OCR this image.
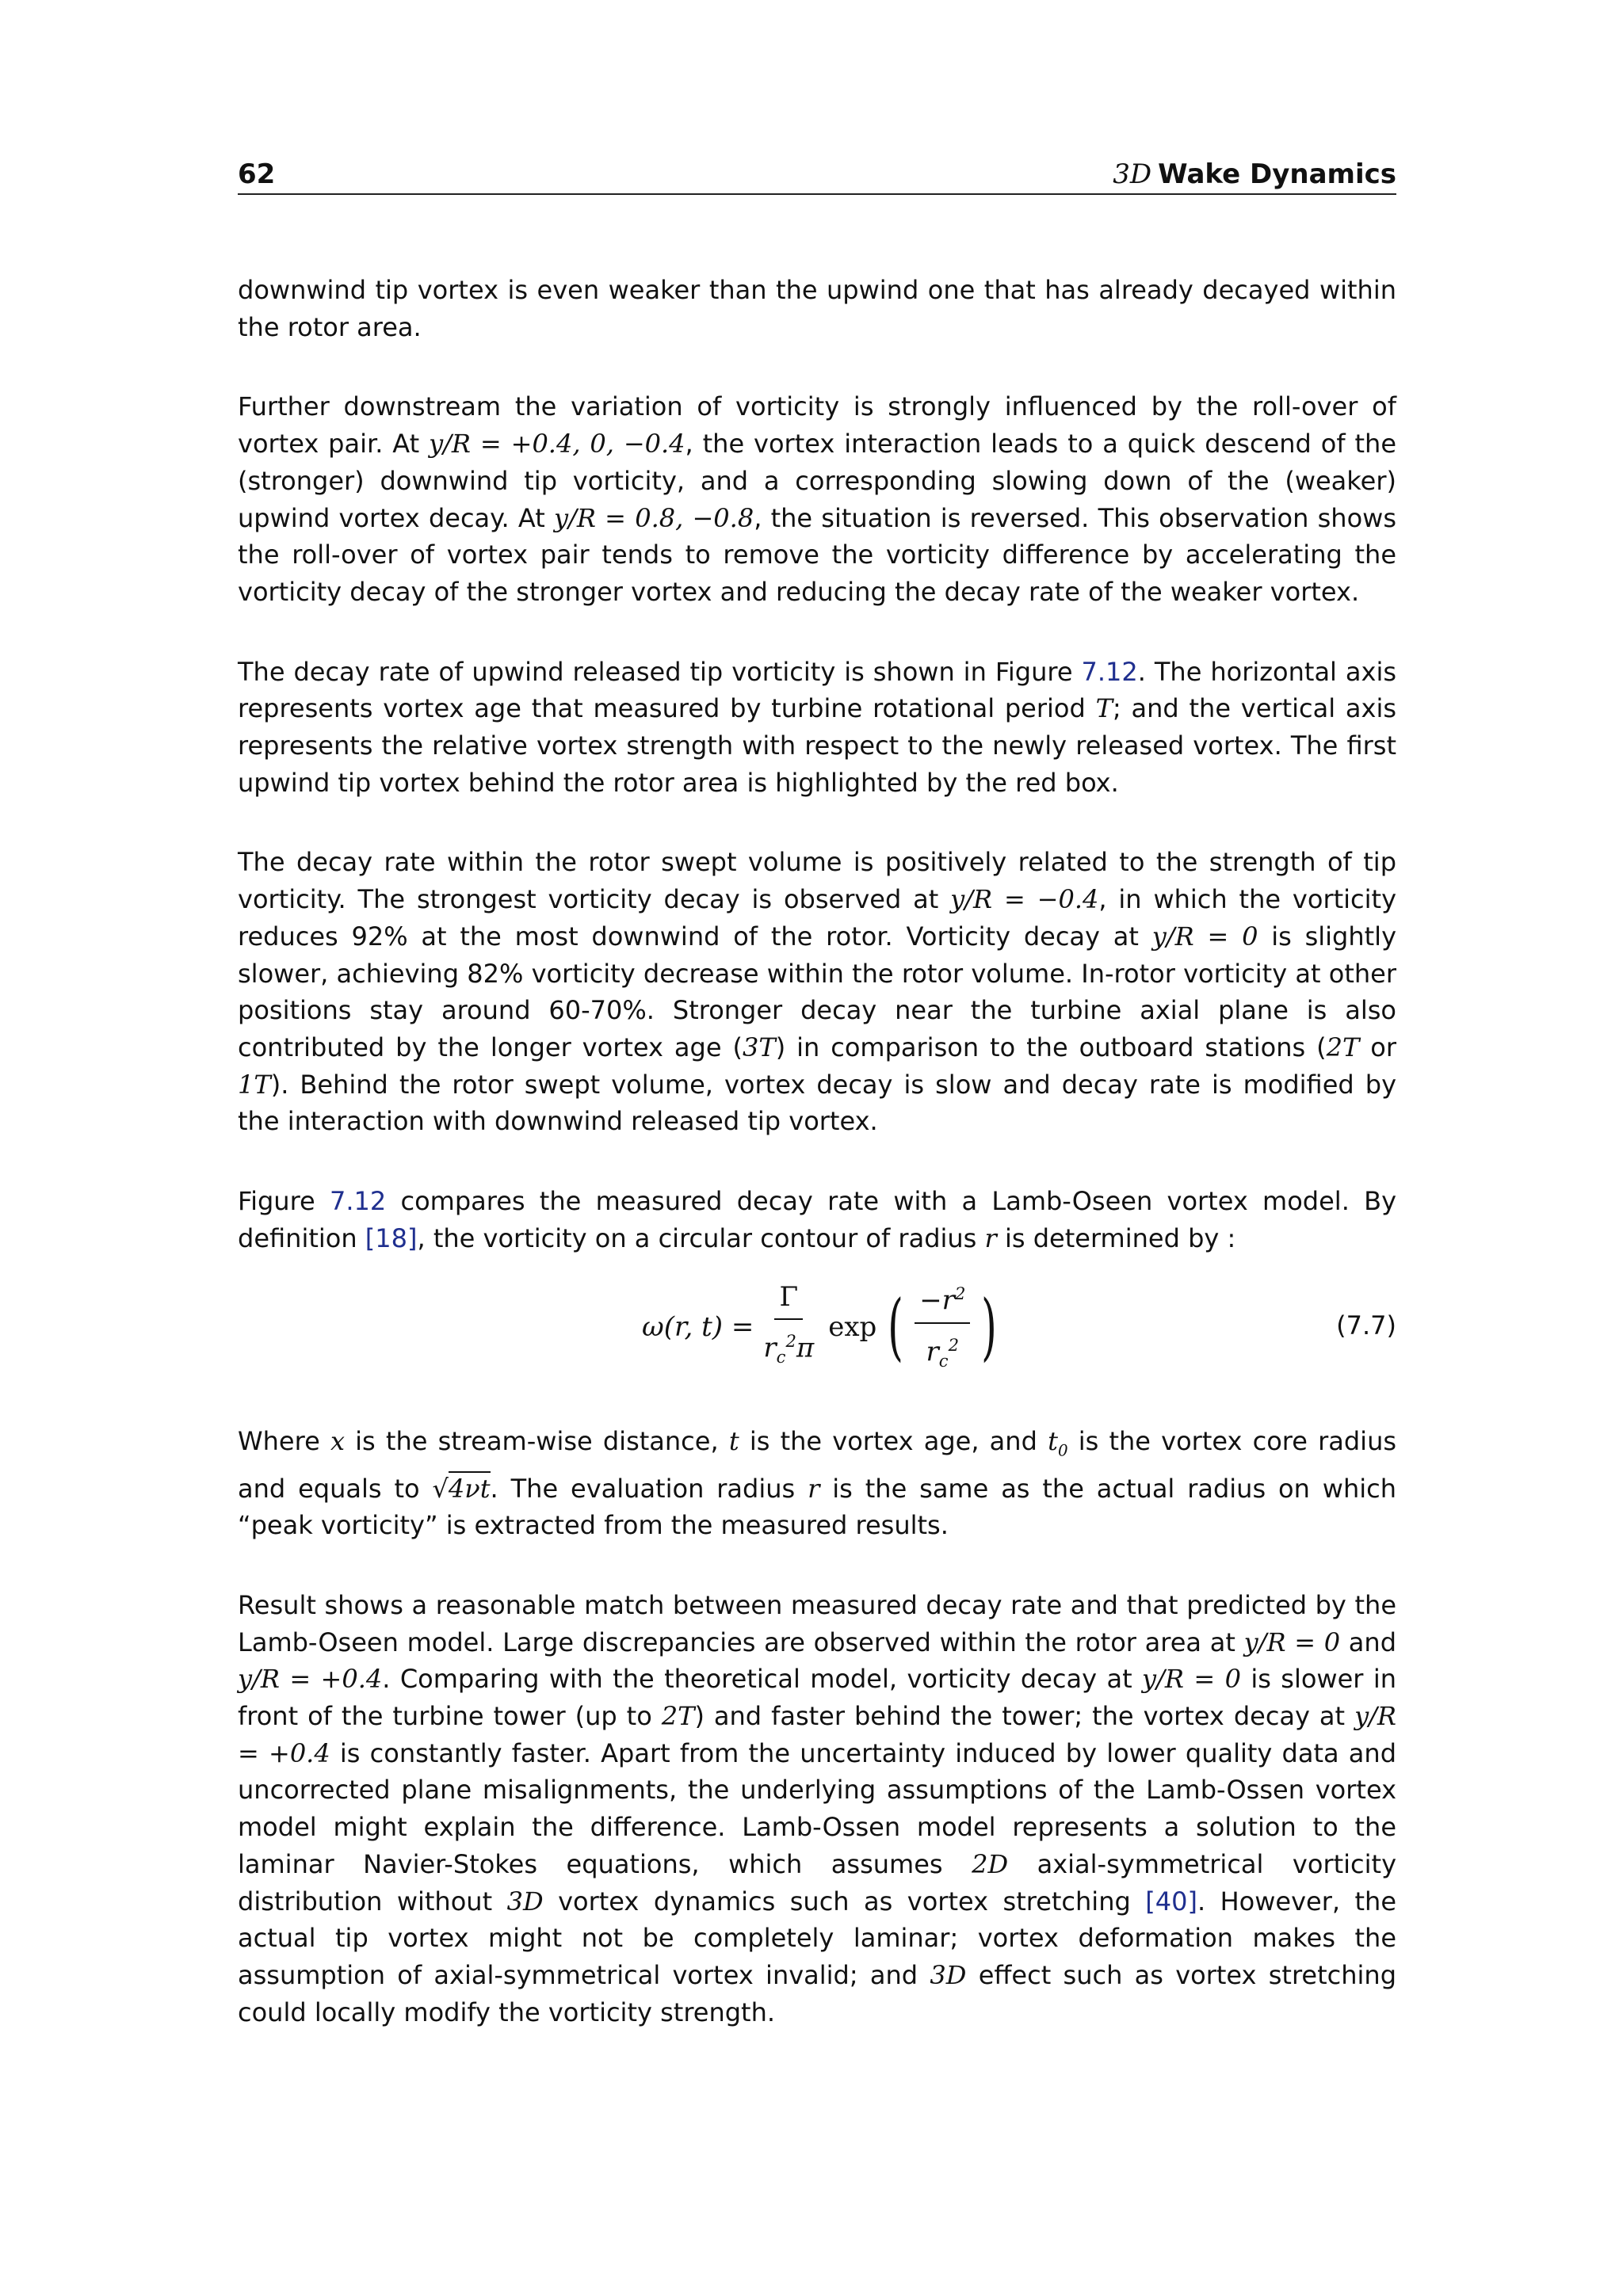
62	3D Wake Dynamics

downwind tip vortex is even weaker than the upwind one that has already decayed within the rotor area.

Further downstream the variation of vorticity is strongly influenced by the roll-over of vortex pair. At y/R = +0.4, 0, −0.4, the vortex interaction leads to a quick descend of the (stronger) downwind tip vorticity, and a corresponding slowing down of the (weaker) upwind vortex decay. At y/R = 0.8, −0.8, the situation is reversed. This observation shows the roll-over of vortex pair tends to remove the vorticity difference by accelerating the vorticity decay of the stronger vortex and reducing the decay rate of the weaker vortex.

The decay rate of upwind released tip vorticity is shown in Figure 7.12. The horizontal axis represents vortex age that measured by turbine rotational period T; and the vertical axis represents the relative vortex strength with respect to the newly released vortex. The first upwind tip vortex behind the rotor area is highlighted by the red box.

The decay rate within the rotor swept volume is positively related to the strength of tip vorticity. The strongest vorticity decay is observed at y/R = −0.4, in which the vorticity reduces 92% at the most downwind of the rotor. Vorticity decay at y/R = 0 is slightly slower, achieving 82% vorticity decrease within the rotor volume. In-rotor vorticity at other positions stay around 60-70%. Stronger decay near the turbine axial plane is also contributed by the longer vortex age (3T) in comparison to the outboard stations (2T or 1T). Behind the rotor swept volume, vortex decay is slow and decay rate is modified by the interaction with downwind released tip vortex.

Figure 7.12 compares the measured decay rate with a Lamb-Oseen vortex model. By definition [18], the vorticity on a circular contour of radius r is determined by :

ω(r, $t) = \frac{\Gamma}{r_c^2\pi}$ exp ( $\frac{-r^2}{r_c^2}$ )	(7.7)

Where x is the stream-wise distance, t is the vortex age, and $t_0$ is the vortex core radius and equals to √4νt. The evaluation radius r is the same as the actual radius on which “peak vorticity” is extracted from the measured results.

Result shows a reasonable match between measured decay rate and that predicted by the Lamb-Oseen model. Large discrepancies are observed within the rotor area at y/R = 0 and y/R = +0.4. Comparing with the theoretical model, vorticity decay at y/R = 0 is slower in front of the turbine tower (up to 2T) and faster behind the tower; the vortex decay at y/R = +0.4 is constantly faster. Apart from the uncertainty induced by lower quality data and uncorrected plane misalignments, the underlying assumptions of the Lamb-Ossen vortex model might explain the difference. Lamb-Ossen model represents a solution to the laminar Navier-Stokes equations, which assumes 2D axial-symmetrical vorticity distribution without 3D vortex dynamics such as vortex stretching [40]. However, the actual tip vortex might not be completely laminar; vortex deformation makes the assumption of axial-symmetrical vortex invalid; and 3D effect such as vortex stretching could locally modify the vorticity strength.
